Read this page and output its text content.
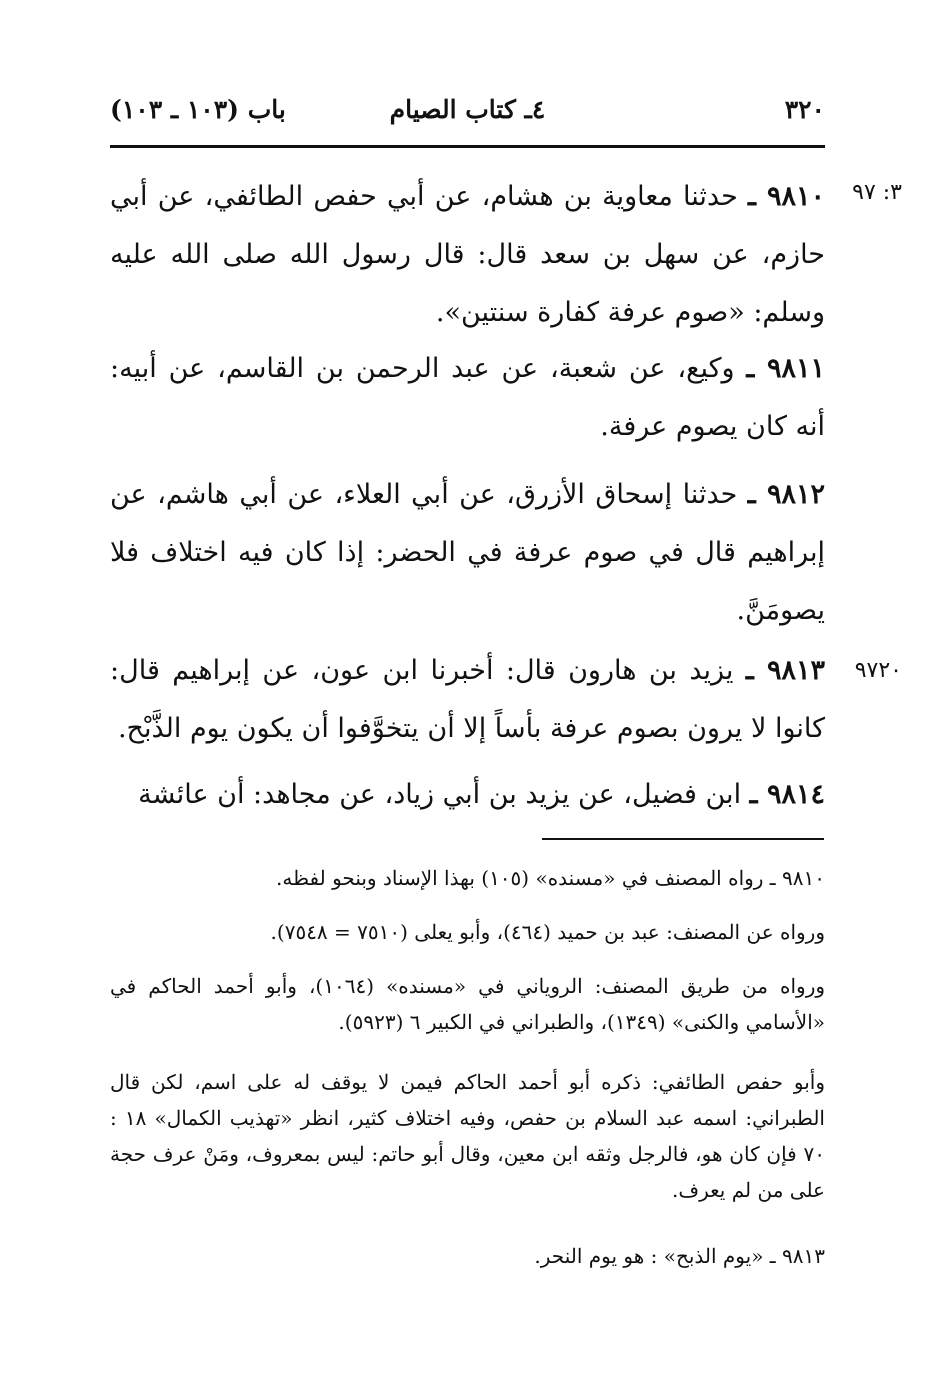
٣٢٠
٤ـ كتاب الصيام
باب (١٠٣ ـ ١٠٣)
٣: ٩٧
٩٧٢٠
٩٨١٠ ـ حدثنا معاوية بن هشام، عن أبي حفص الطائفي، عن أبي حازم، عن سهل بن سعد قال: قال رسول الله صلى الله عليه وسلم: «صوم عرفة كفارة سنتين».
٩٨١١ ـ وكيع، عن شعبة، عن عبد الرحمن بن القاسم، عن أبيه: أنه كان يصوم عرفة.
٩٨١٢ ـ حدثنا إسحاق الأزرق، عن أبي العلاء، عن أبي هاشم، عن إبراهيم قال في صوم عرفة في الحضر: إذا كان فيه اختلاف فلا يصومَنَّ.
٩٨١٣ ـ يزيد بن هارون قال: أخبرنا ابن عون، عن إبراهيم قال: كانوا لا يرون بصوم عرفة بأساً إلا أن يتخوَّفوا أن يكون يوم الذَّبْح.
٩٨١٤ ـ ابن فضيل، عن يزيد بن أبي زياد، عن مجاهد: أن عائشة
٩٨١٠ ـ رواه المصنف في «مسنده» (١٠٥) بهذا الإسناد وبنحو لفظه.
ورواه عن المصنف: عبد بن حميد (٤٦٤)، وأبو يعلى (٧٥١٠ = ٧٥٤٨).
ورواه من طريق المصنف: الروياني في «مسنده» (١٠٦٤)، وأبو أحمد الحاكم في «الأسامي والكنى» (١٣٤٩)، والطبراني في الكبير ٦ (٥٩٢٣).
وأبو حفص الطائفي: ذكره أبو أحمد الحاكم فيمن لا يوقف له على اسم، لكن قال الطبراني: اسمه عبد السلام بن حفص، وفيه اختلاف كثير، انظر «تهذيب الكمال» ١٨ : ٧٠ فإن كان هو، فالرجل وثقه ابن معين، وقال أبو حاتم: ليس بمعروف، ومَنْ عرف حجة على من لم يعرف.
٩٨١٣ ـ «يوم الذبح» : هو يوم النحر.
